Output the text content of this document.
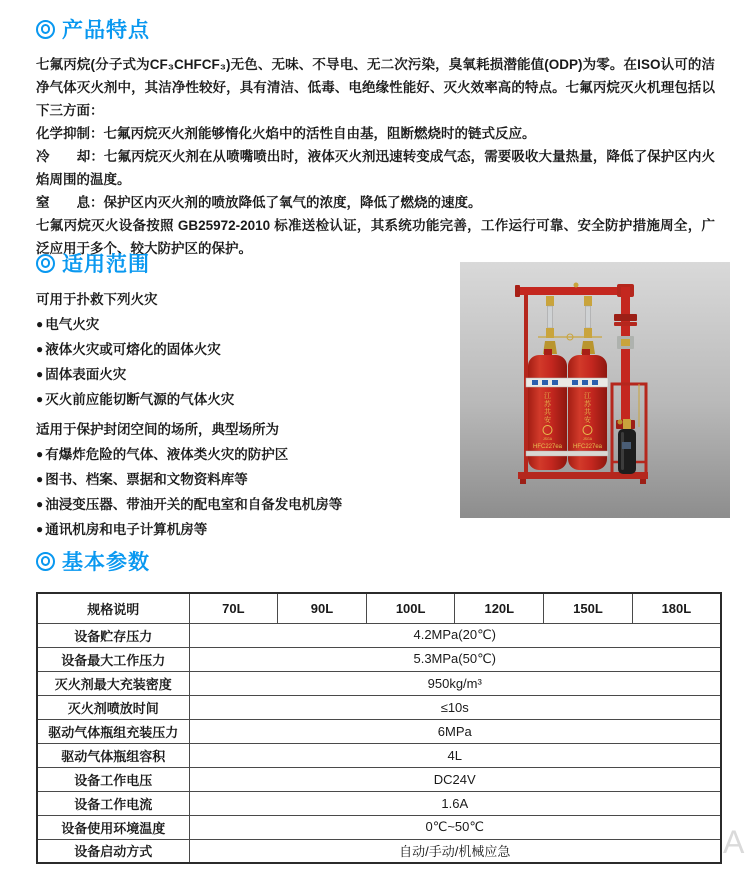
产品特点

七氟丙烷(分子式为CF₃CHFCF₃)无色、无味、不导电、无二次污染，臭氧耗损潜能值(ODP)为零。在ISO认可的洁净气体灭火剂中，其洁净性较好，具有清洁、低毒、电绝缘性能好、灭火效率高的特点。七氟丙烷灭火机理包括以下三方面：

化学抑制：七氟丙烷灭火剂能够惰化火焰中的活性自由基，阻断燃烧时的链式反应。

冷　　却：七氟丙烷灭火剂在从喷嘴喷出时，液体灭火剂迅速转变成气态，需要吸收大量热量，降低了保护区内火焰周围的温度。

窒　　息：保护区内灭火剂的喷放降低了氧气的浓度，降低了燃烧的速度。

七氟丙烷灭火设备按照 GB25972-2010 标准送检认证，其系统功能完善，工作运行可靠、安全防护措施周全，广泛应用于多个、较大防护区的保护。

适用范围
可用于扑救下列火灾
● 电气火灾
● 液体火灾或可熔化的固体火灾
● 固体表面火灾
● 灭火前应能切断气源的气体火灾
适用于保护封闭空间的场所，典型场所为
● 有爆炸危险的气体、液体类火灾的防护区
● 图书、档案、票据和文物资料库等
● 油浸变压器、带油开关的配电室和自备发电机房等
● 通讯机房和电子计算机房等
江
苏
共
安
JSGA
HFC227ea
江
苏
共
安
JSGA
HFC227ea
基本参数
规格说明	70L	90L	100L	120L	150L	180L
设备贮存压力	4.2MPa(20℃)					
设备最大工作压力	5.3MPa(50℃)					
灭火剂最大充装密度	950kg/m³					
灭火剂喷放时间	≤10s					
驱动气体瓶组充装压力	6MPa					
驱动气体瓶组容积	4L					
设备工作电压	DC24V					
设备工作电流	1.6A					
设备使用环境温度	0℃~50℃					
设备启动方式	自动/手动/机械应急						A
